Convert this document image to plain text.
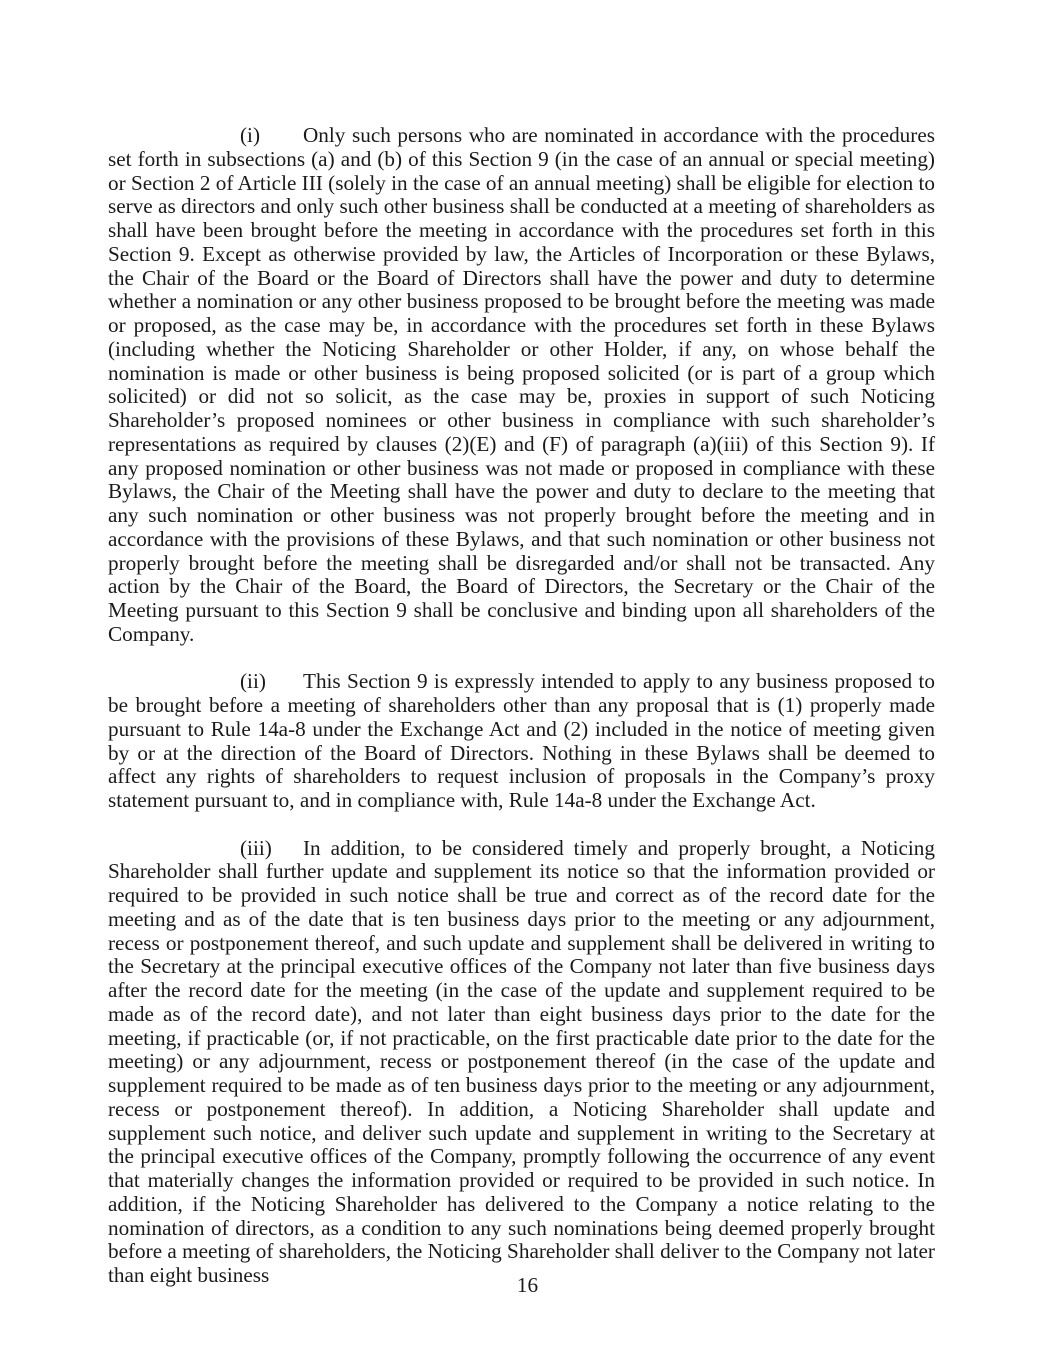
(i) Only such persons who are nominated in accordance with the procedures set forth in subsections (a) and (b) of this Section 9 (in the case of an annual or special meeting) or Section 2 of Article III (solely in the case of an annual meeting) shall be eligible for election to serve as directors and only such other business shall be conducted at a meeting of shareholders as shall have been brought before the meeting in accordance with the procedures set forth in this Section 9. Except as otherwise provided by law, the Articles of Incorporation or these Bylaws, the Chair of the Board or the Board of Directors shall have the power and duty to determine whether a nomination or any other business proposed to be brought before the meeting was made or proposed, as the case may be, in accordance with the procedures set forth in these Bylaws (including whether the Noticing Shareholder or other Holder, if any, on whose behalf the nomination is made or other business is being proposed solicited (or is part of a group which solicited) or did not so solicit, as the case may be, proxies in support of such Noticing Shareholder’s proposed nominees or other business in compliance with such shareholder’s representations as required by clauses (2)(E) and (F) of paragraph (a)(iii) of this Section 9). If any proposed nomination or other business was not made or proposed in compliance with these Bylaws, the Chair of the Meeting shall have the power and duty to declare to the meeting that any such nomination or other business was not properly brought before the meeting and in accordance with the provisions of these Bylaws, and that such nomination or other business not properly brought before the meeting shall be disregarded and/or shall not be transacted. Any action by the Chair of the Board, the Board of Directors, the Secretary or the Chair of the Meeting pursuant to this Section 9 shall be conclusive and binding upon all shareholders of the Company.

(ii) This Section 9 is expressly intended to apply to any business proposed to be brought before a meeting of shareholders other than any proposal that is (1) properly made pursuant to Rule 14a-8 under the Exchange Act and (2) included in the notice of meeting given by or at the direction of the Board of Directors. Nothing in these Bylaws shall be deemed to affect any rights of shareholders to request inclusion of proposals in the Company’s proxy statement pursuant to, and in compliance with, Rule 14a-8 under the Exchange Act.

(iii) In addition, to be considered timely and properly brought, a Noticing Shareholder shall further update and supplement its notice so that the information provided or required to be provided in such notice shall be true and correct as of the record date for the meeting and as of the date that is ten business days prior to the meeting or any adjournment, recess or postponement thereof, and such update and supplement shall be delivered in writing to the Secretary at the principal executive offices of the Company not later than five business days after the record date for the meeting (in the case of the update and supplement required to be made as of the record date), and not later than eight business days prior to the date for the meeting, if practicable (or, if not practicable, on the first practicable date prior to the date for the meeting) or any adjournment, recess or postponement thereof (in the case of the update and supplement required to be made as of ten business days prior to the meeting or any adjournment, recess or postponement thereof). In addition, a Noticing Shareholder shall update and supplement such notice, and deliver such update and supplement in writing to the Secretary at the principal executive offices of the Company, promptly following the occurrence of any event that materially changes the information provided or required to be provided in such notice. In addition, if the Noticing Shareholder has delivered to the Company a notice relating to the nomination of directors, as a condition to any such nominations being deemed properly brought before a meeting of shareholders, the Noticing Shareholder shall deliver to the Company not later than eight business	16
